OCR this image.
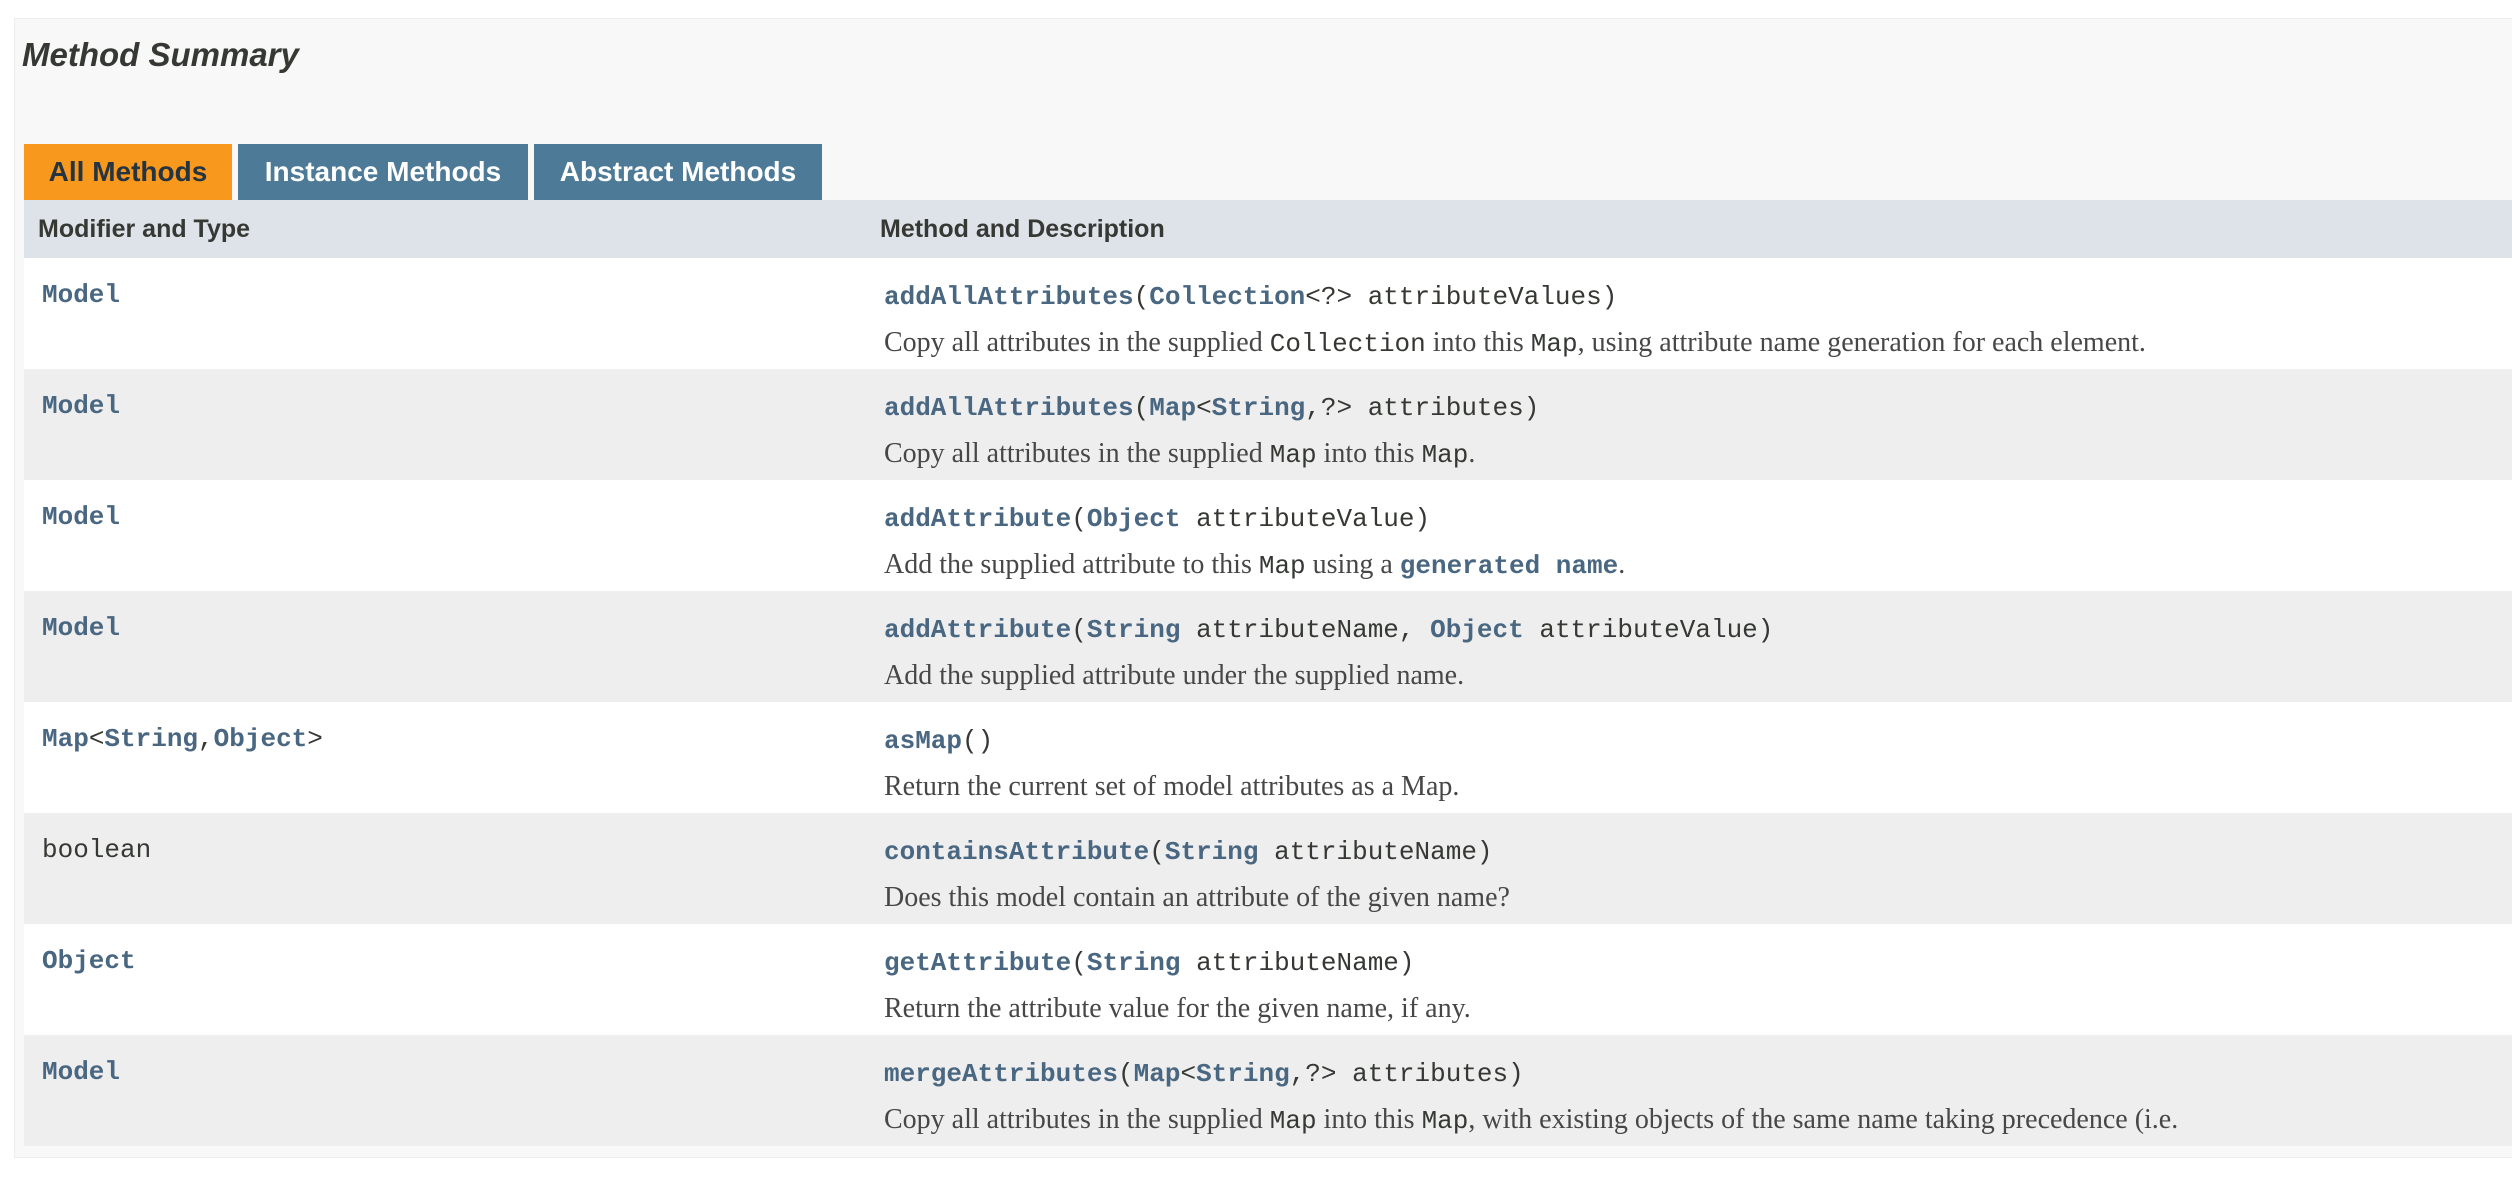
Method Summary
All Methods	Instance Methods	Abstract Methods
Modifier and Type	Method and Description
Model	addAllAttributes(Collection<?> attributeValues)
Copy all attributes in the supplied Collection into this Map, using attribute name generation for each element.

Model	addAllAttributes(Map<String,?> attributes)
Copy all attributes in the supplied Map into this Map.

Model	addAttribute(Object attributeValue)
Add the supplied attribute to this Map using a generated name.

Model	addAttribute(String attributeName, Object attributeValue)
Add the supplied attribute under the supplied name.

Map<String,Object>	asMap()
Return the current set of model attributes as a Map.

boolean	containsAttribute(String attributeName)
Does this model contain an attribute of the given name?

Object	getAttribute(String attributeName)
Return the attribute value for the given name, if any.

Model	mergeAttributes(Map<String,?> attributes)
Copy all attributes in the supplied Map into this Map, with existing objects of the same name taking precedence (i.e.
